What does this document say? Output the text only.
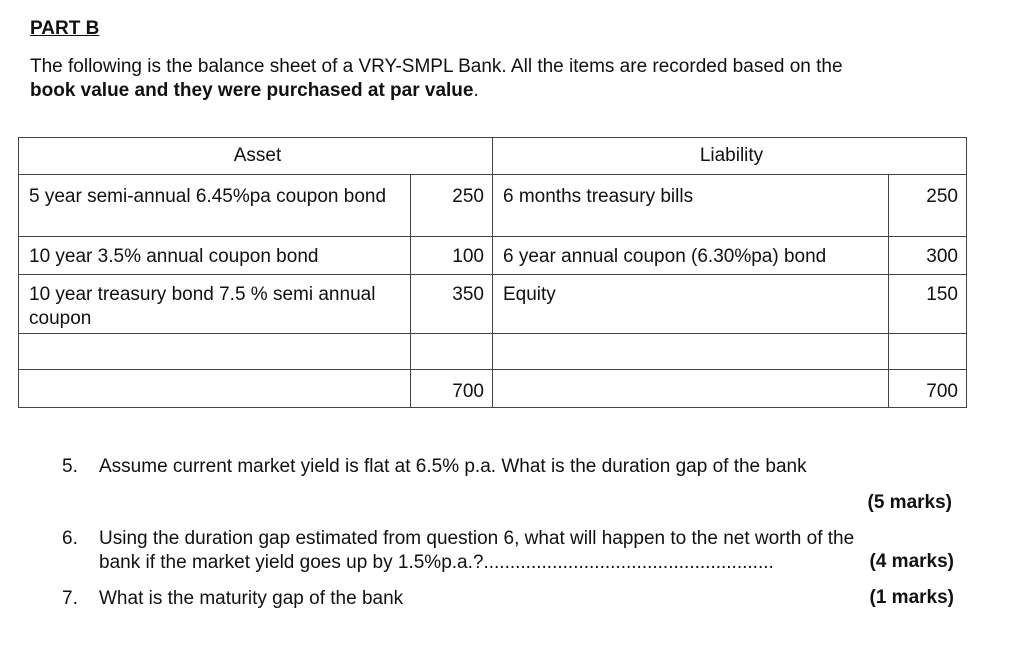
PART B
The following is the balance sheet of a VRY-SMPL Bank. All the items are recorded based on the
book value and they were purchased at par value.
Asset		Liability	
5 year semi-annual 6.45%pa coupon bond	250	6 months treasury bills	250
10 year 3.5% annual coupon bond	100	6 year annual coupon (6.30%pa) bond	300
10 year treasury bond 7.5 % semi annual coupon	350	Equity	150

	700		700
5. Assume current market yield is flat at 6.5% p.a. What is the duration gap of the bank
(5 marks)
6. Using the duration gap estimated from question 6, what will happen to the net worth of the
bank if the market yield goes up by 1.5%p.a.?.......................................................	(4 marks)
7. What is the maturity gap of the bank	(1 marks)
